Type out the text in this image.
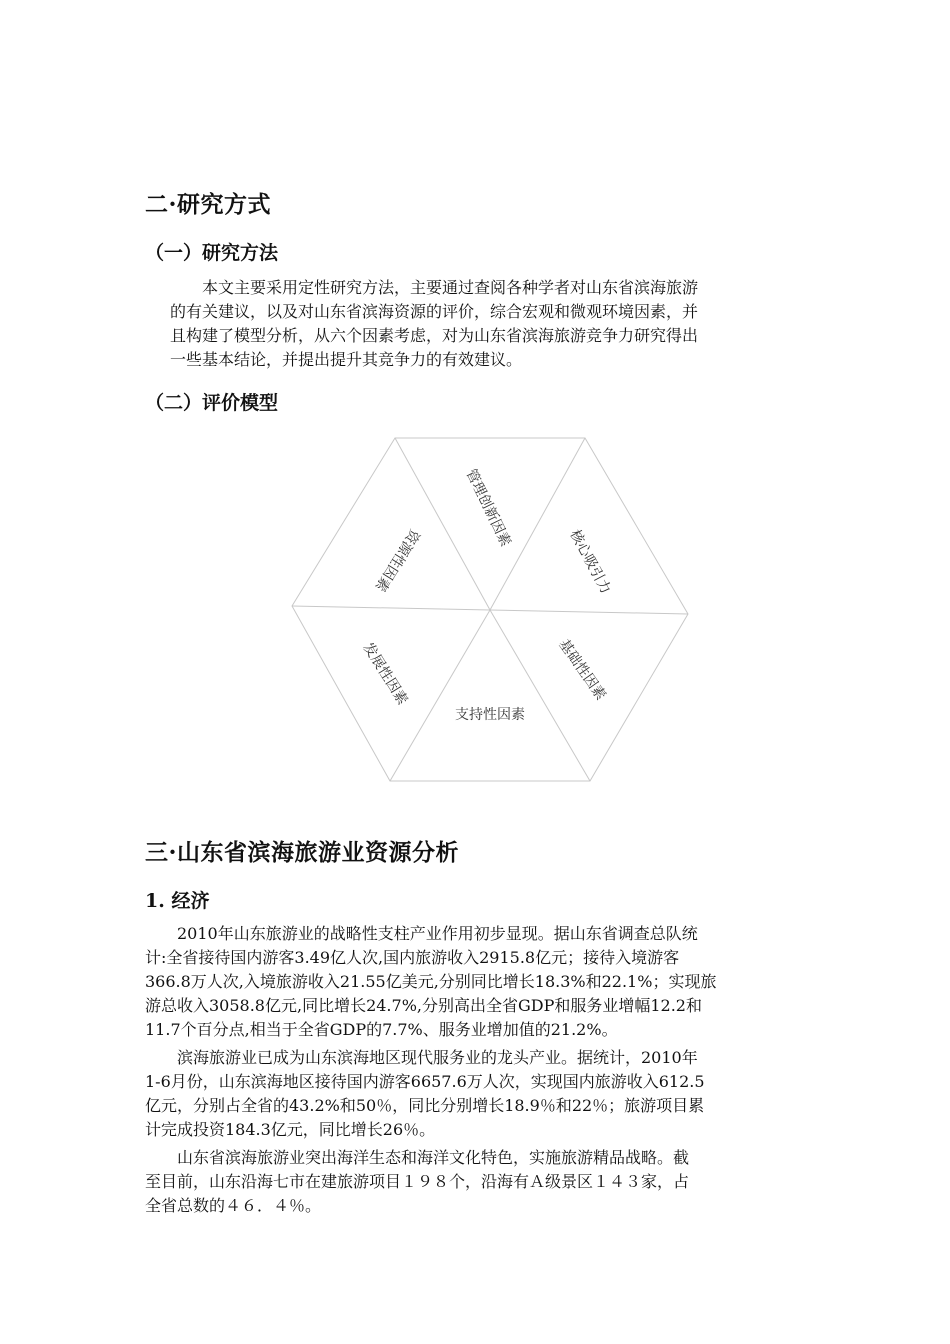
二·研究方式
（一）研究方法

　　本文主要采用定性研究方法，主要通过查阅各种学者对山东省滨海旅游
的有关建议，以及对山东省滨海资源的评价，综合宏观和微观环境因素，并
且构建了模型分析，从六个因素考虑，对为山东省滨海旅游竞争力研究得出
一些基本结论，并提出提升其竞争力的有效建议。

（二）评价模型
管理创新因素
核心吸引力
基础性因素
支持性因素
发展性因素
资源性因素
三·山东省滨海旅游业资源分析
1. 经济

　　2010年山东旅游业的战略性支柱产业作用初步显现。据山东省调查总队统
计:全省接待国内游客3.49亿人次,国内旅游收入2915.8亿元；接待入境游客
366.8万人次,入境旅游收入21.55亿美元,分别同比增长18.3%和22.1%；实现旅
游总收入3058.8亿元,同比增长24.7%,分别高出全省GDP和服务业增幅12.2和
11.7个百分点,相当于全省GDP的7.7%、服务业增加值的21.2%。

　　滨海旅游业已成为山东滨海地区现代服务业的龙头产业。据统计，2010年
1-6月份，山东滨海地区接待国内游客6657.6万人次，实现国内旅游收入612.5
亿元，分别占全省的43.2%和50％，同比分别增长18.9％和22％；旅游项目累
计完成投资184.3亿元，同比增长26％。

　　山东省滨海旅游业突出海洋生态和海洋文化特色，实施旅游精品战略。截
至目前，山东沿海七市在建旅游项目１９８个，沿海有Ａ级景区１４３家，占
全省总数的４６．４％。
